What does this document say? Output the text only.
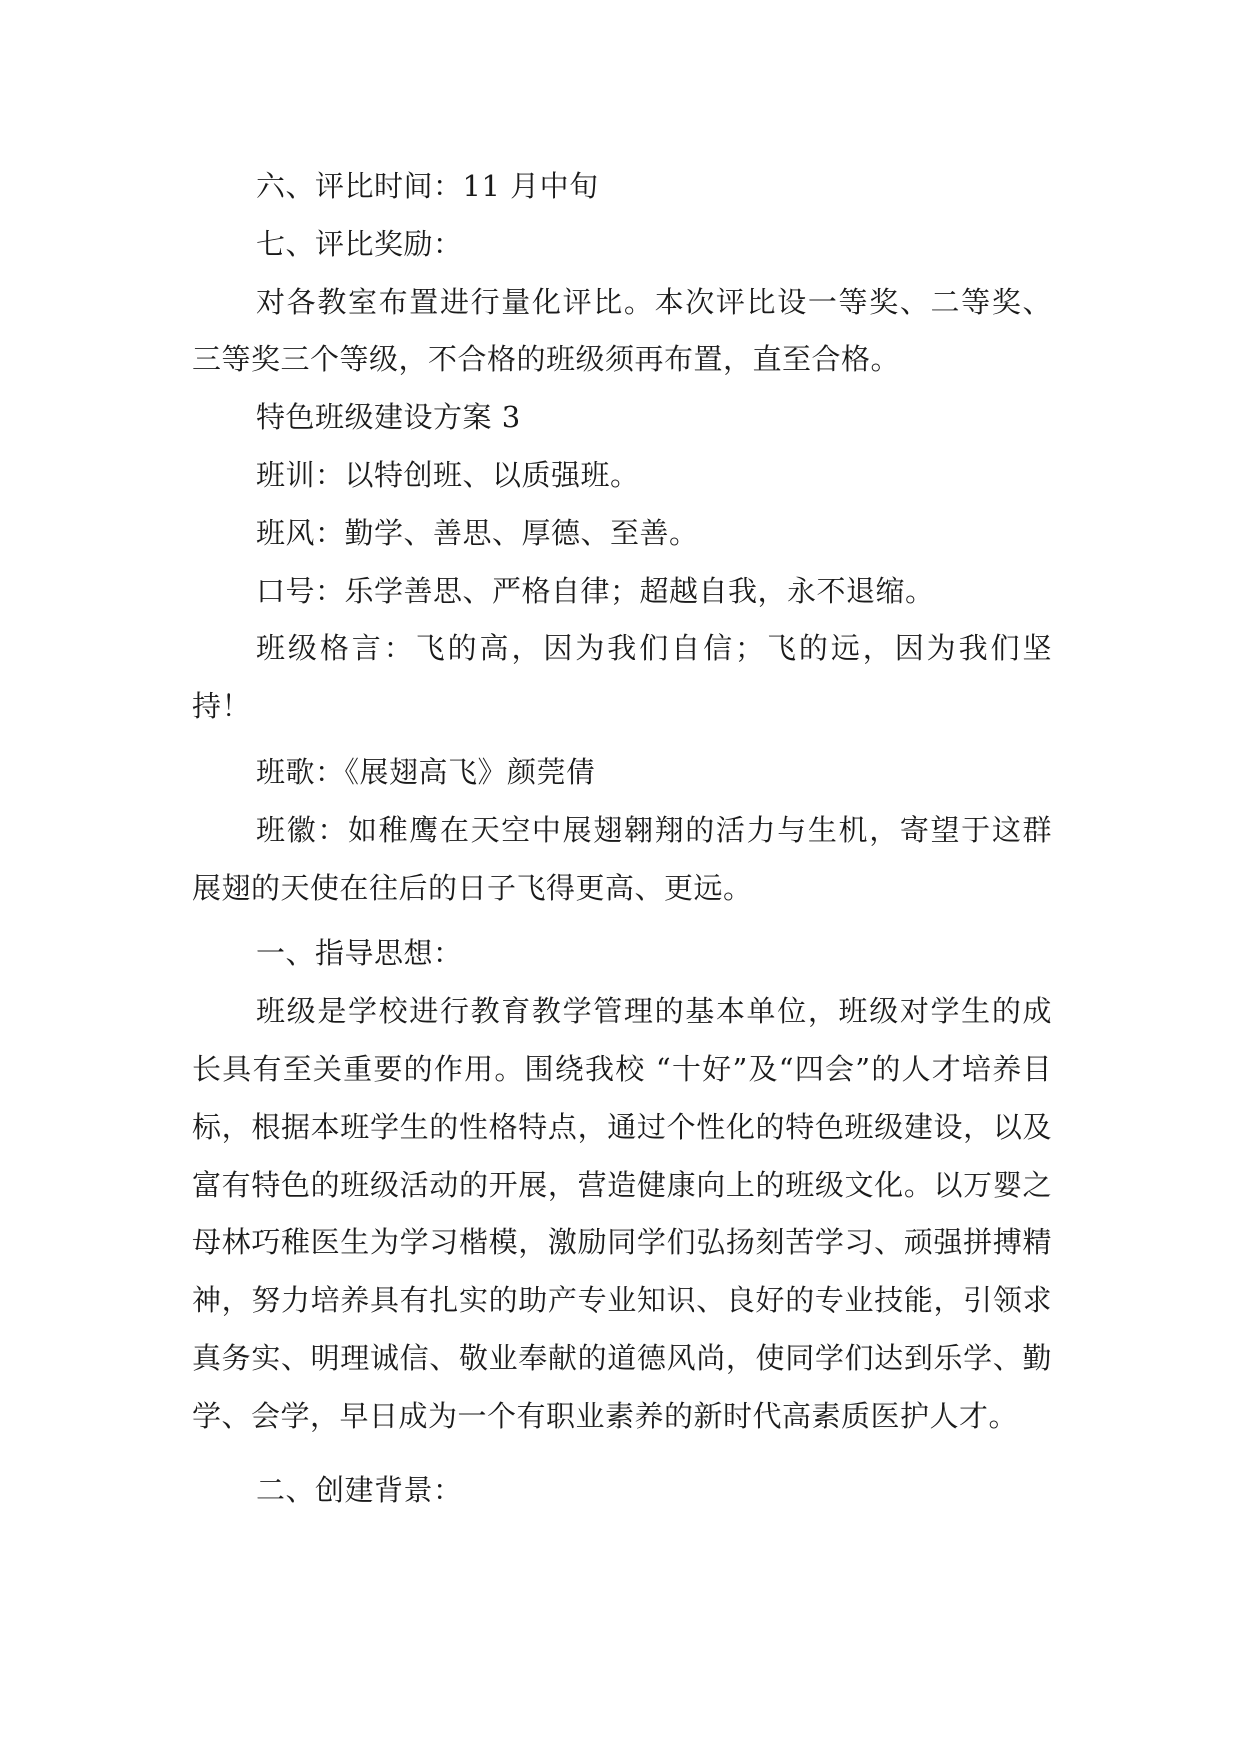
六、评比时间：11 月中旬

七、评比奖励：

对各教室布置进行量化评比。本次评比设一等奖、二等奖、三等奖三个等级，不合格的班级须再布置，直至合格。

特色班级建设方案 3

班训：以特创班、以质强班。

班风：勤学、善思、厚德、至善。

口号：乐学善思、严格自律；超越自我，永不退缩。

班级格言：飞的高，因为我们自信；飞的远，因为我们坚持！

班歌：《展翅高飞》颜莞倩

班徽：如稚鹰在天空中展翅翱翔的活力与生机，寄望于这群展翅的天使在往后的日子飞得更高、更远。

一、指导思想：

班级是学校进行教育教学管理的基本单位，班级对学生的成长具有至关重要的作用。围绕我校 “十好”及“四会”的人才培养目标，根据本班学生的性格特点，通过个性化的特色班级建设，以及富有特色的班级活动的开展，营造健康向上的班级文化。以万婴之母林巧稚医生为学习楷模，激励同学们弘扬刻苦学习、顽强拼搏精神，努力培养具有扎实的助产专业知识、良好的专业技能，引领求真务实、明理诚信、敬业奉献的道德风尚，使同学们达到乐学、勤学、会学，早日成为一个有职业素养的新时代高素质医护人才。

二、创建背景：
